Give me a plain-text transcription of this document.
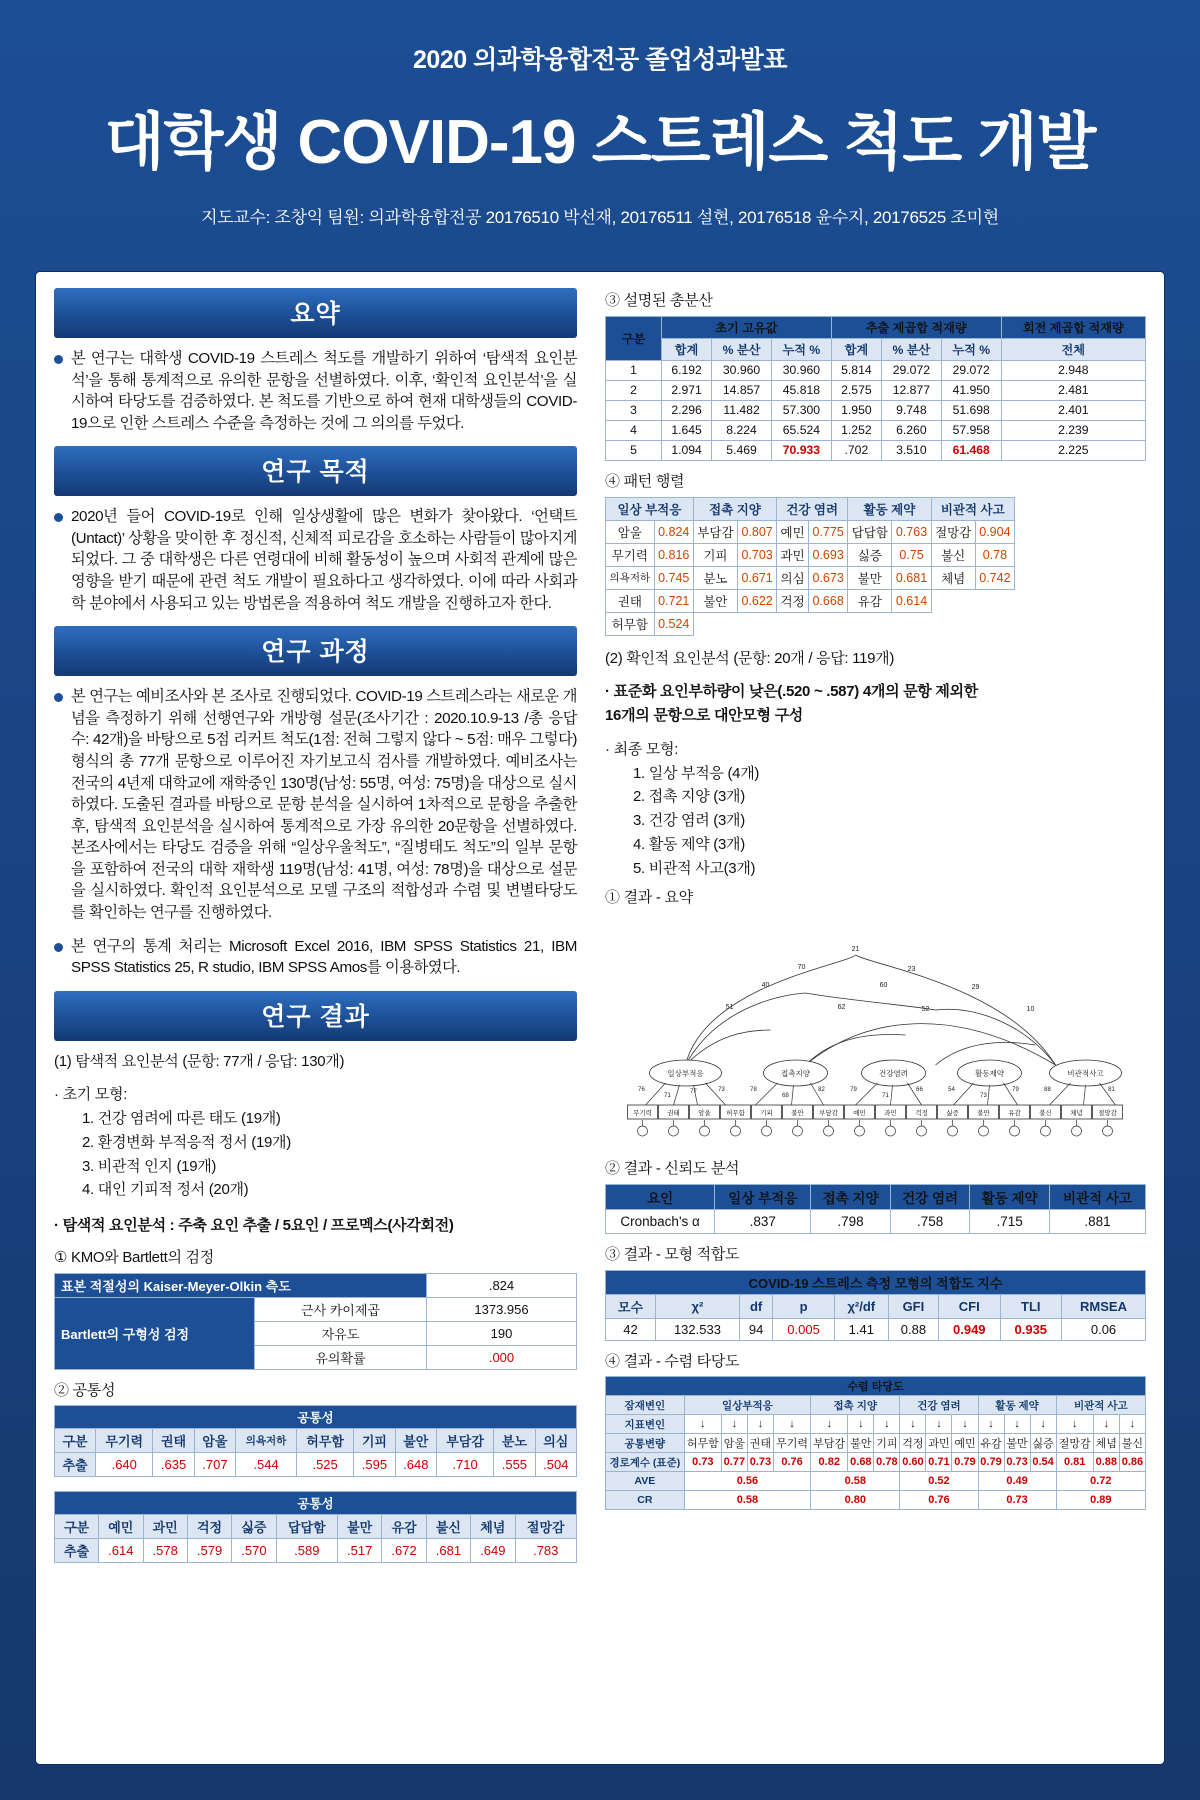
2020 의과학융합전공 졸업성과발표
대학생 COVID-19 스트레스 척도 개발
지도교수: 조창익 팀원: 의과학융합전공 20176510 박선재, 20176511 설현, 20176518 윤수지, 20176525 조미현
요약

본 연구는 대학생 COVID-19 스트레스 척도를 개발하기 위하여 ‘탐색적 요인분석’을 통해 통계적으로 유의한 문항을 선별하였다. 이후, ‘확인적 요인분석’을 실시하여 타당도를 검증하였다. 본 척도를 기반으로 하여 현재 대학생들의 COVID-19으로 인한 스트레스 수준을 측정하는 것에 그 의의를 두었다.

연구 목적

2020년 들어 COVID-19로 인해 일상생활에 많은 변화가 찾아왔다. ‘언택트(Untact)’ 상황을 맞이한 후 정신적, 신체적 피로감을 호소하는 사람들이 많아지게 되었다. 그 중 대학생은 다른 연령대에 비해 활동성이 높으며 사회적 관계에 많은 영향을 받기 때문에 관련 척도 개발이 필요하다고 생각하였다. 이에 따라 사회과학 분야에서 사용되고 있는 방법론을 적용하여 척도 개발을 진행하고자 한다.

연구 과정

본 연구는 예비조사와 본 조사로 진행되었다. COVID-19 스트레스라는 새로운 개념을 측정하기 위해 선행연구와 개방형 설문(조사기간 : 2020.10.9-13 /총 응답 수: 42개)을 바탕으로 5점 리커트 척도(1점: 전혀 그렇지 않다 ~ 5점: 매우 그렇다) 형식의 총 77개 문항으로 이루어진 자기보고식 검사를 개발하였다. 예비조사는 전국의 4년제 대학교에 재학중인 130명(남성: 55명, 여성: 75명)을 대상으로 실시하였다. 도출된 결과를 바탕으로 문항 분석을 실시하여 1차적으로 문항을 추출한 후, 탐색적 요인분석을 실시하여 통계적으로 가장 유의한 20문항을 선별하였다. 본조사에서는 타당도 검증을 위해 “일상우울척도”, “질병태도 척도”의 일부 문항을 포함하여 전국의 대학 재학생 119명(남성: 41명, 여성: 78명)을 대상으로 설문을 실시하였다. 확인적 요인분석으로 모델 구조의 적합성과 수렴 및 변별타당도를 확인하는 연구를 진행하였다.

본 연구의 통계 처리는 Microsoft Excel 2016, IBM SPSS Statistics 21, IBM SPSS Statistics 25, R studio, IBM SPSS Amos를 이용하였다.

연구 결과
(1) 탐색적 요인분석 (문항: 77개 / 응답: 130개)
· 초기 모형:
1. 건강 염려에 따른 태도 (19개)
2. 환경변화 부적응적 정서 (19개)
3. 비관적 인지 (19개)
4. 대인 기피적 정서 (20개)
· 탐색적 요인분석 : 주축 요인 추출 / 5요인 / 프로멕스(사각회전)
① KMO와 Bartlett의 검정
표본 적절성의 Kaiser-Meyer-Olkin 측도		.824
Bartlett의 구형성 검정	근사 카이제곱	1373.956
	자유도	190
	유의확률	.000
② 공통성
공통성										
구분	무기력	권태	암울	의욕저하	허무함	기피	불안	부담감	분노	의심
추출	.640	.635	.707	.544	.525	.595	.648	.710	.555	.504
공통성										
구분	예민	과민	걱정	싫증	답답함	불만	유감	불신	체념	절망감
추출	.614	.578	.579	.570	.589	.517	.672	.681	.649	.783
③ 설명된 총분산
구분	초기 고유값			추출 제곱합 적재량			회전 제곱합 적재량
	합계	% 분산	누적 %	합계	% 분산	누적 %	전체

1	6.192	30.960	30.960	5.814	29.072	29.072	2.948
2	2.971	14.857	45.818	2.575	12.877	41.950	2.481
3	2.296	11.482	57.300	1.950	9.748	51.698	2.401
4	1.645	8.224	65.524	1.252	6.260	57.958	2.239
5	1.094	5.469	70.933	.702	3.510	61.468	2.225
④ 패턴 행렬
일상 부적응		접촉 지양		건강 염려		활동 제약		비관적 사고	
암울	0.824	부담감	0.807	예민	0.775	답답함	0.763	절망감	0.904
무기력	0.816	기피	0.703	과민	0.693	싫증	0.75	불신	0.78
의욕저하	0.745	분노	0.671	의심	0.673	불만	0.681	체념	0.742
권태	0.721	불안	0.622	걱정	0.668	유감	0.614		
허무함	0.524								
(2) 확인적 요인분석 (문항: 20개 / 응답: 119개)
· 표준화 요인부하량이 낮은(.520 ~ .587) 4개의 문항 제외한
16개의 문항으로 대안모형 구성
· 최종 모형:
1. 일상 부적응 (4개)
2. 접촉 지양 (3개)
3. 건강 염려 (3개)
4. 활동 제약 (3개)
5. 비관적 사고(3개)
① 결과 - 요약
21
70	23
40	60	29
51	62	52	10
일상부적응	접촉지양	건강염려	활동제약	비관적사고
76
71
77	73	78
68
82	79
71
66	54
73
79	88	81
무기력 권태	암울 허무함 기피	불안 부담감 예민	과민	걱정	싫증	불만	유감	불신	체념 절망감
② 결과 - 신뢰도 분석
요인	일상 부적응	접촉 지양	건강 염려	활동 제약	비관적 사고
Cronbach's α	.837	.798	.758	.715	.881
③ 결과 - 모형 적합도
COVID-19 스트레스 측정 모형의 적합도 지수								
모수	χ²	df	p	χ²/df	GFI	CFI	TLI	RMSEA
42	132.533	94	0.005	1.41	0.88	0.949	0.935	0.06
④ 결과 - 수렴 타당도
수렴 타당도																
잠재변인	일상부적응				접촉 지양			건강 염려			활동 제약			비관적 사고		
지표변인	↓	↓	↓	↓	↓	↓	↓	↓	↓	↓	↓	↓	↓	↓	↓	↓
공통변량	허무함	암울	권태	무기력	부담감	불안	기피	걱정	과민	예민	유감	불만	싫증	절망감	체념	불신
경로계수 (표준)	0.73	0.77	0.73	0.76	0.82	0.68	0.78	0.60	0.71	0.79	0.79	0.73	0.54	0.81	0.88	0.86
AVE	0.56				0.58			0.52			0.49			0.72		
CR	0.58				0.80			0.76			0.73			0.89		
